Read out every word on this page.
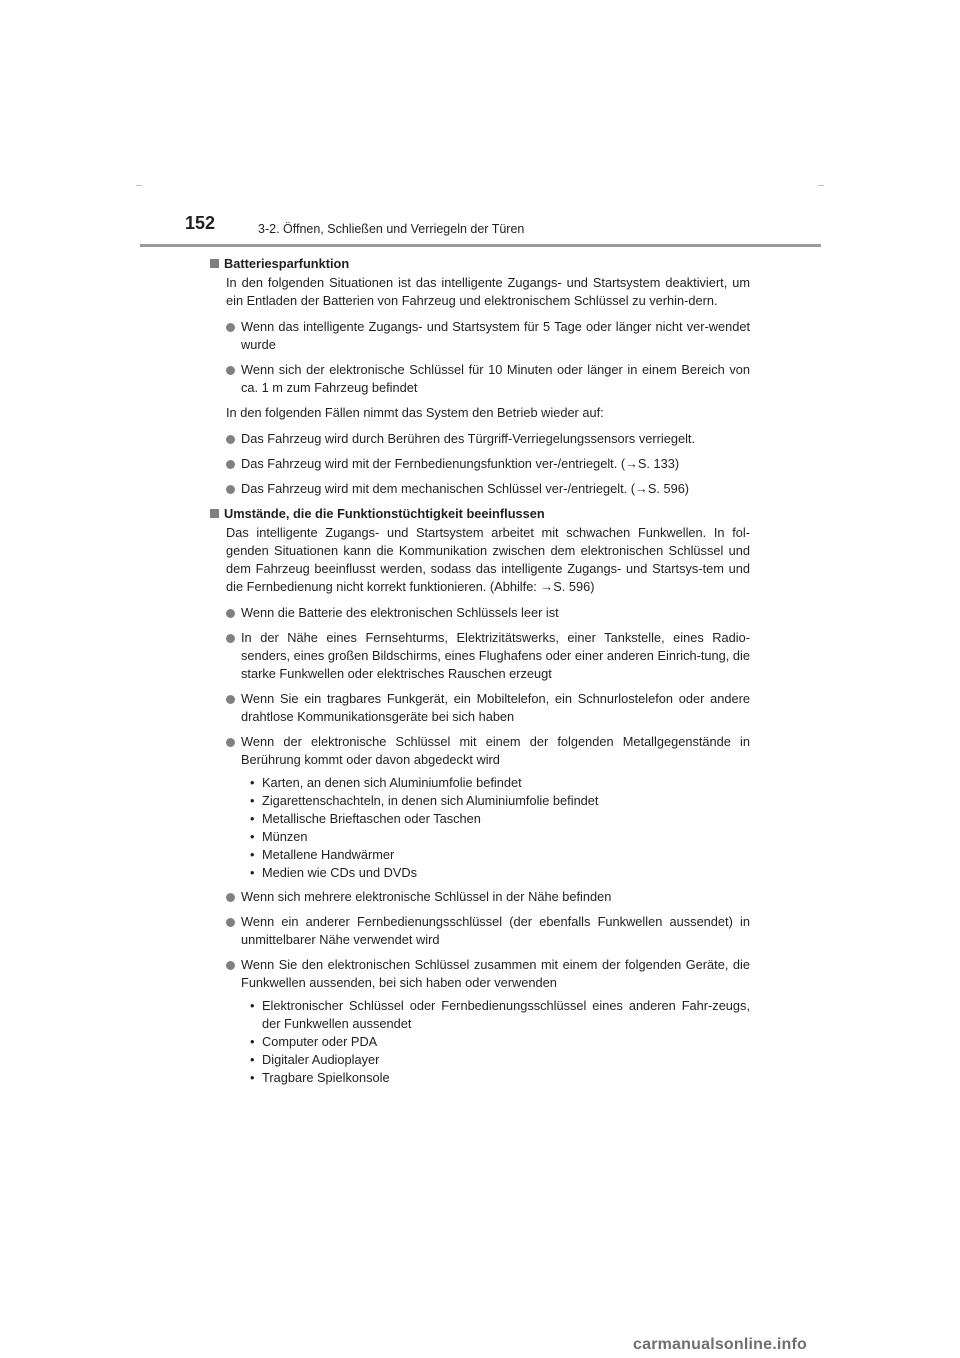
152	3-2. Öffnen, Schließen und Verriegeln der Türen
Batteriesparfunktion
In den folgenden Situationen ist das intelligente Zugangs- und Startsystem deaktiviert, um ein Entladen der Batterien von Fahrzeug und elektronischem Schlüssel zu verhin-dern.
Wenn das intelligente Zugangs- und Startsystem für 5 Tage oder länger nicht ver-wendet wurde
Wenn sich der elektronische Schlüssel für 10 Minuten oder länger in einem Bereich von ca. 1 m zum Fahrzeug befindet
In den folgenden Fällen nimmt das System den Betrieb wieder auf:
Das Fahrzeug wird durch Berühren des Türgriff-Verriegelungssensors verriegelt.
Das Fahrzeug wird mit der Fernbedienungsfunktion ver-/entriegelt. (→S. 133)
Das Fahrzeug wird mit dem mechanischen Schlüssel ver-/entriegelt. (→S. 596)
Umstände, die die Funktionstüchtigkeit beeinflussen
Das intelligente Zugangs- und Startsystem arbeitet mit schwachen Funkwellen. In fol-genden Situationen kann die Kommunikation zwischen dem elektronischen Schlüssel und dem Fahrzeug beeinflusst werden, sodass das intelligente Zugangs- und Startsys-tem und die Fernbedienung nicht korrekt funktionieren. (Abhilfe: →S. 596)
Wenn die Batterie des elektronischen Schlüssels leer ist
In der Nähe eines Fernsehturms, Elektrizitätswerks, einer Tankstelle, eines Radio-senders, eines großen Bildschirms, eines Flughafens oder einer anderen Einrich-tung, die starke Funkwellen oder elektrisches Rauschen erzeugt
Wenn Sie ein tragbares Funkgerät, ein Mobiltelefon, ein Schnurlostelefon oder andere drahtlose Kommunikationsgeräte bei sich haben
Wenn der elektronische Schlüssel mit einem der folgenden Metallgegenstände in Berührung kommt oder davon abgedeckt wird
• Karten, an denen sich Aluminiumfolie befindet
• Zigarettenschachteln, in denen sich Aluminiumfolie befindet
• Metallische Brieftaschen oder Taschen
• Münzen
• Metallene Handwärmer
• Medien wie CDs und DVDs
Wenn sich mehrere elektronische Schlüssel in der Nähe befinden
Wenn ein anderer Fernbedienungsschlüssel (der ebenfalls Funkwellen aussendet) in unmittelbarer Nähe verwendet wird
Wenn Sie den elektronischen Schlüssel zusammen mit einem der folgenden Geräte, die Funkwellen aussenden, bei sich haben oder verwenden
• Elektronischer Schlüssel oder Fernbedienungsschlüssel eines anderen Fahr-zeugs, der Funkwellen aussendet
• Computer oder PDA
• Digitaler Audioplayer
• Tragbare Spielkonsole
carmanualsonline.info
